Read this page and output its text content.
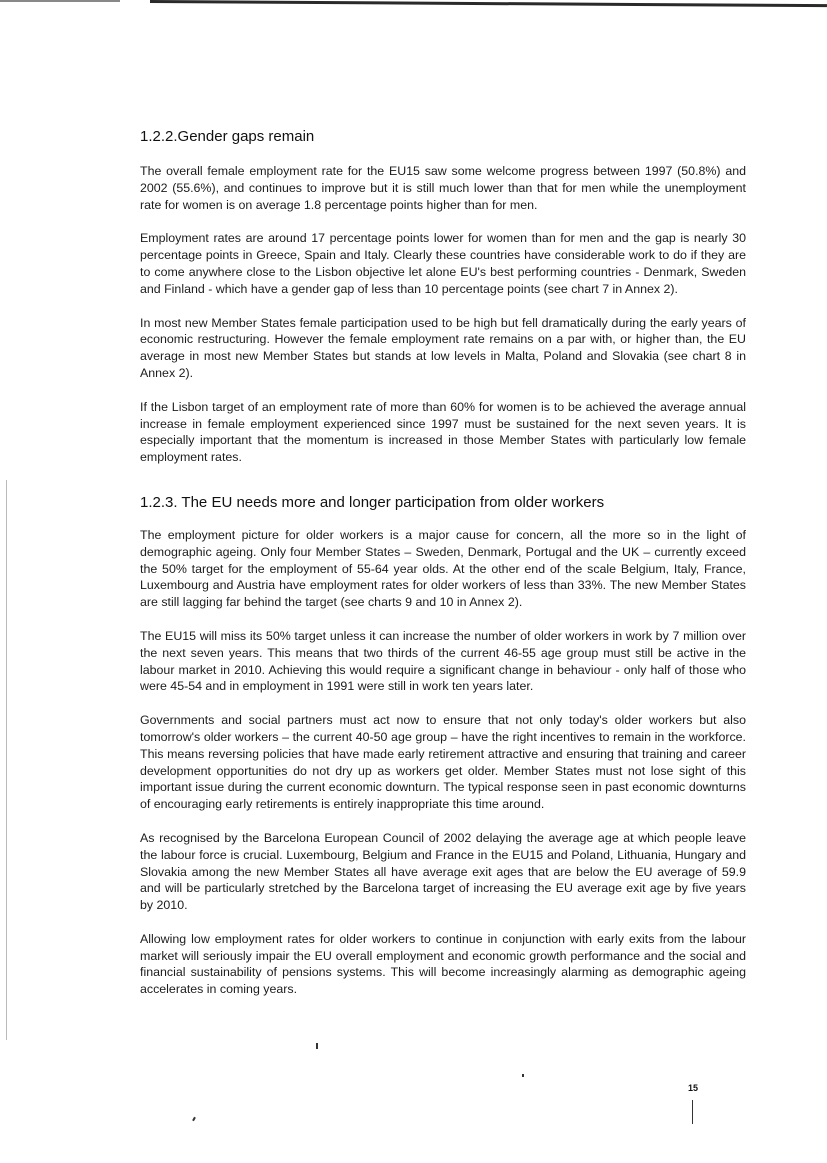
1.2.2.Gender gaps remain

The overall female employment rate for the EU15 saw some welcome progress between 1997 (50.8%) and 2002 (55.6%), and continues to improve but it is still much lower than that for men while the unemployment rate for women is on average 1.8 percentage points higher than for men.

Employment rates are around 17 percentage points lower for women than for men and the gap is nearly 30 percentage points in Greece, Spain and Italy. Clearly these countries have considerable work to do if they are to come anywhere close to the Lisbon objective let alone EU's best performing countries - Denmark, Sweden and Finland - which have a gender gap of less than 10 percentage points (see chart 7 in Annex 2).

In most new Member States female participation used to be high but fell dramatically during the early years of economic restructuring. However the female employment rate remains on a par with, or higher than, the EU average in most new Member States but stands at low levels in Malta, Poland and Slovakia (see chart 8 in Annex 2).

If the Lisbon target of an employment rate of more than 60% for women is to be achieved the average annual increase in female employment experienced since 1997 must be sustained for the next seven years. It is especially important that the momentum is increased in those Member States with particularly low female employment rates.

1.2.3. The EU needs more and longer participation from older workers

The employment picture for older workers is a major cause for concern, all the more so in the light of demographic ageing. Only four Member States – Sweden, Denmark, Portugal and the UK – currently exceed the 50% target for the employment of 55-64 year olds. At the other end of the scale Belgium, Italy, France, Luxembourg and Austria have employment rates for older workers of less than 33%. The new Member States are still lagging far behind the target (see charts 9 and 10 in Annex 2).

The EU15 will miss its 50% target unless it can increase the number of older workers in work by 7 million over the next seven years. This means that two thirds of the current 46-55 age group must still be active in the labour market in 2010. Achieving this would require a significant change in behaviour - only half of those who were 45-54 and in employment in 1991 were still in work ten years later.

Governments and social partners must act now to ensure that not only today's older workers but also tomorrow's older workers – the current 40-50 age group – have the right incentives to remain in the workforce. This means reversing policies that have made early retirement attractive and ensuring that training and career development opportunities do not dry up as workers get older. Member States must not lose sight of this important issue during the current economic downturn. The typical response seen in past economic downturns of encouraging early retirements is entirely inappropriate this time around.

As recognised by the Barcelona European Council of 2002 delaying the average age at which people leave the labour force is crucial. Luxembourg, Belgium and France in the EU15 and Poland, Lithuania, Hungary and Slovakia among the new Member States all have average exit ages that are below the EU average of 59.9 and will be particularly stretched by the Barcelona target of increasing the EU average exit age by five years by 2010.

Allowing low employment rates for older workers to continue in conjunction with early exits from the labour market will seriously impair the EU overall employment and economic growth performance and the social and financial sustainability of pensions systems. This will become increasingly alarming as demographic ageing accelerates in coming years.

15
